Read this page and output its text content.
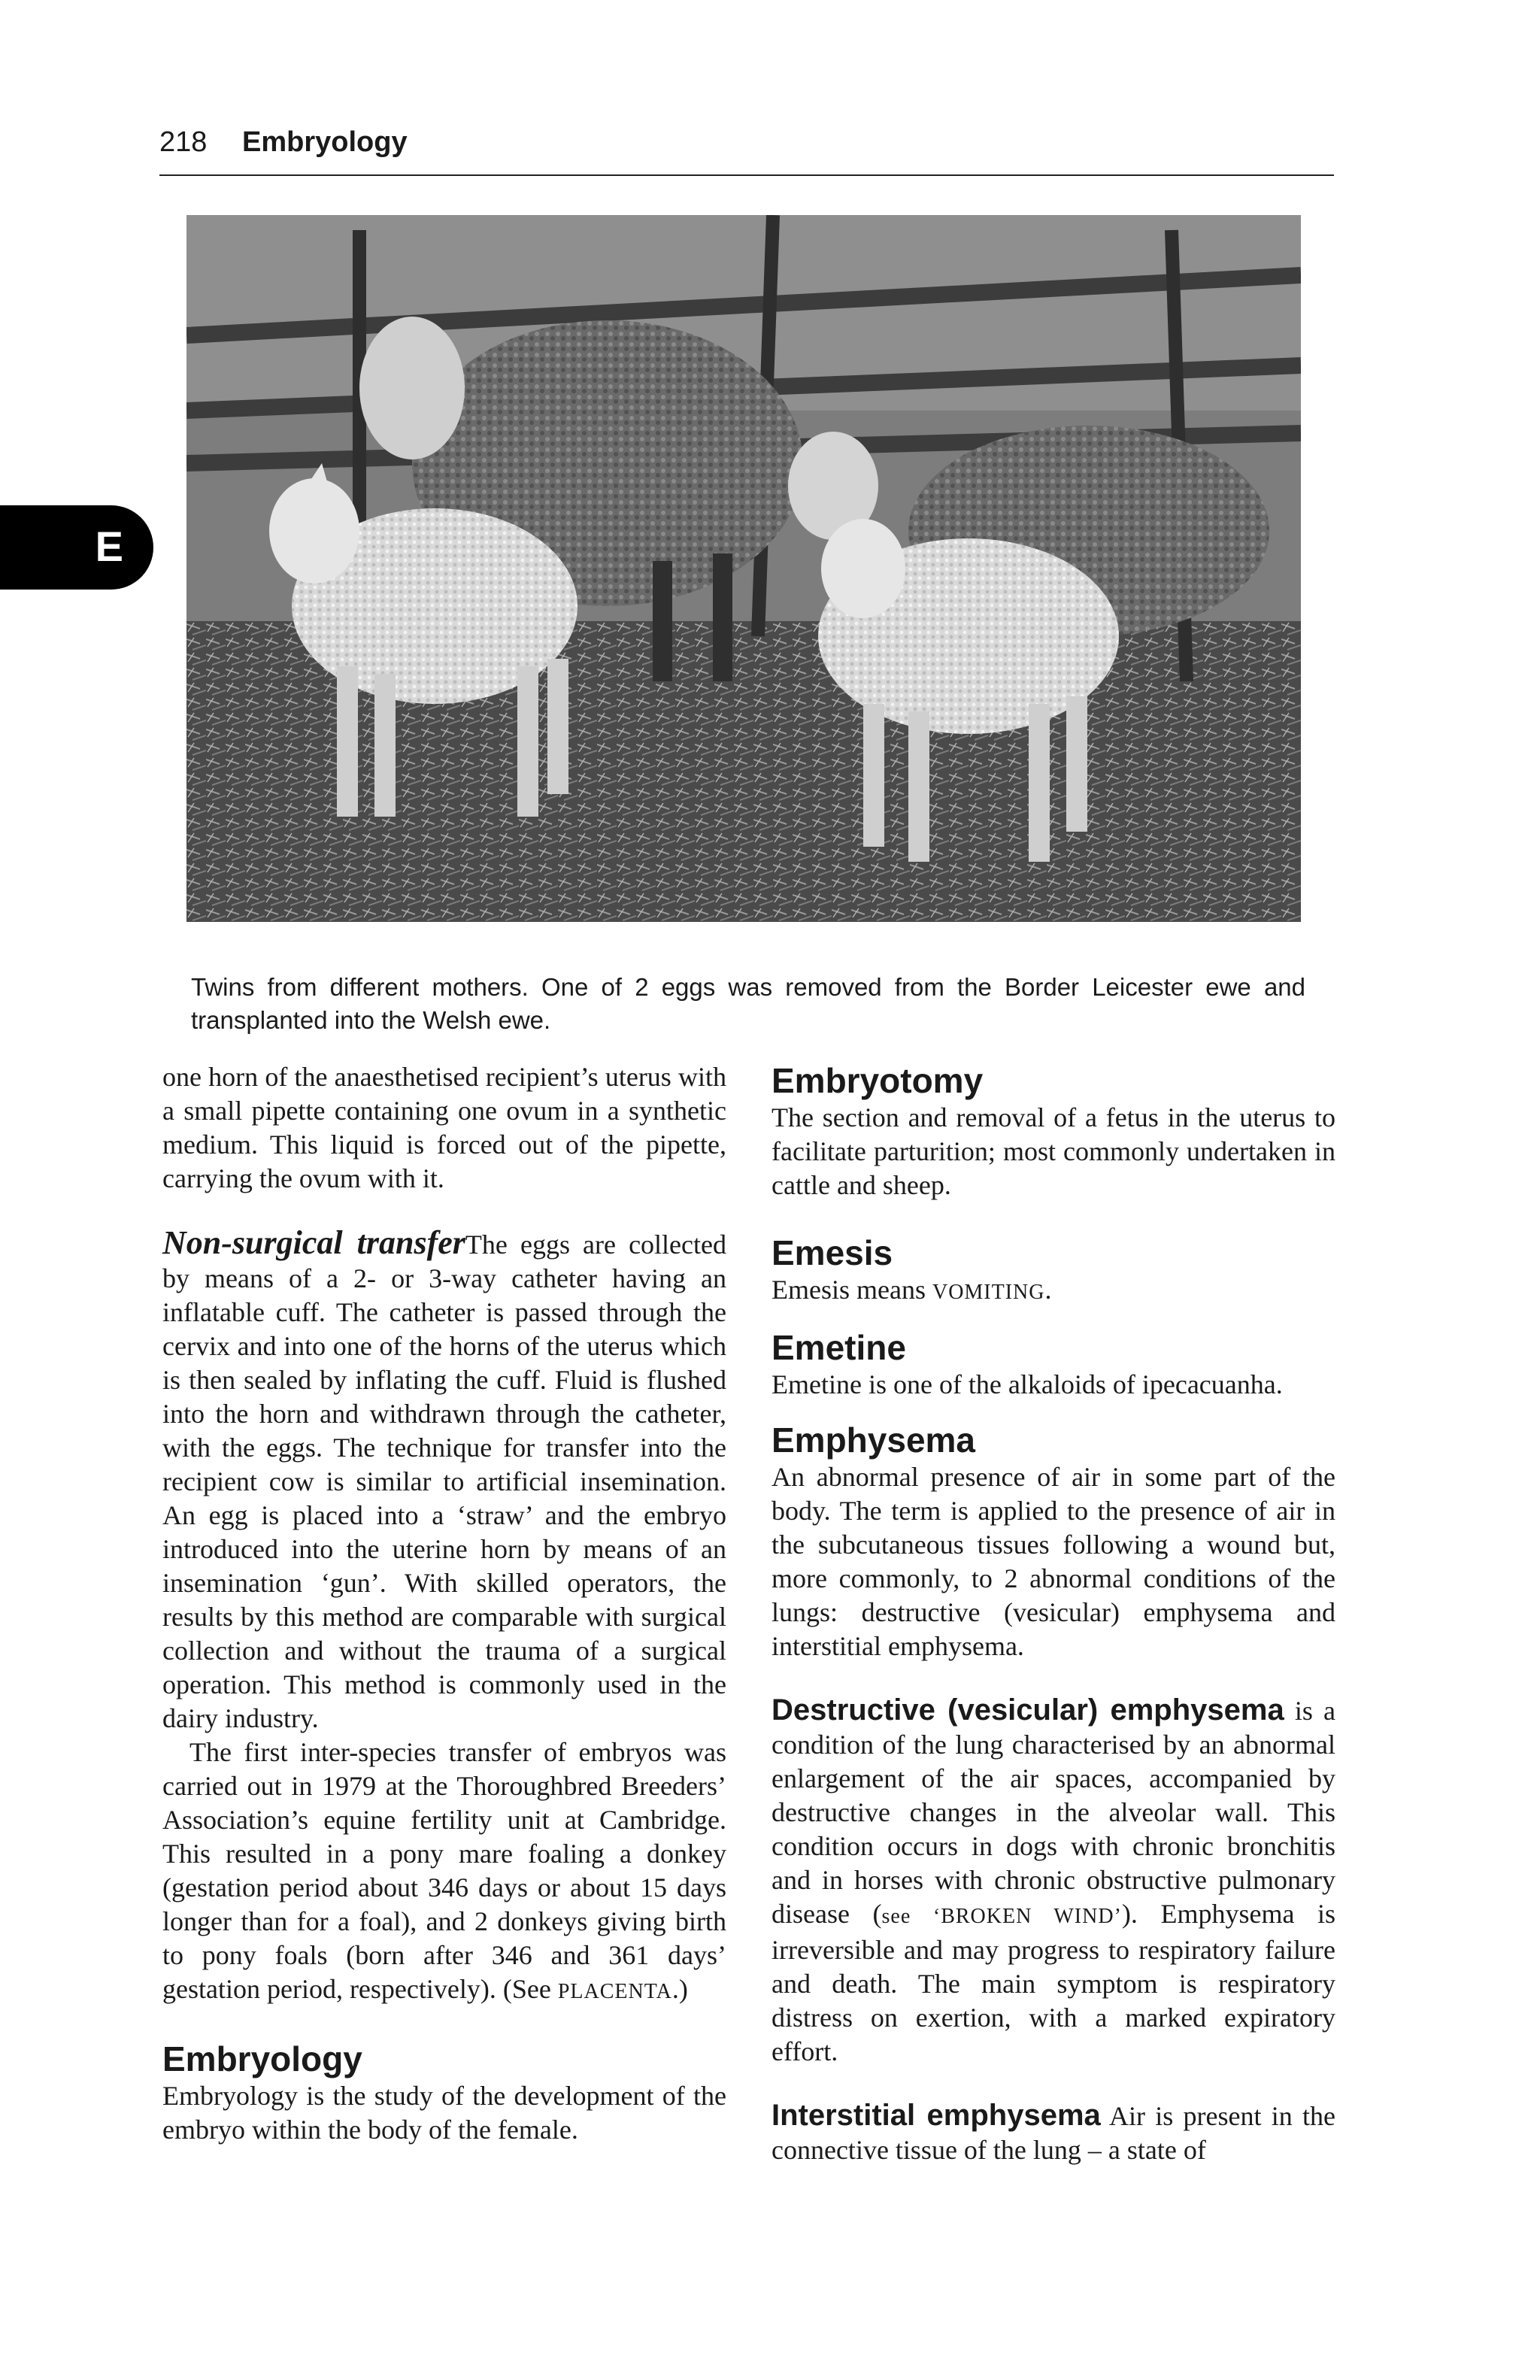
218 Embryology
E

Twins from different mothers. One of 2 eggs was removed from the Border Leicester ewe and transplanted into the Welsh ewe.

one horn of the anaesthetised recipient’s uterus with a small pipette containing one ovum in a synthetic medium. This liquid is forced out of the pipette, carrying the ovum with it.

Non-surgical transferThe eggs are collected by means of a 2- or 3-way catheter having an inflatable cuff. The catheter is passed through the cervix and into one of the horns of the uterus which is then sealed by inflating the cuff. Fluid is flushed into the horn and withdrawn through the catheter, with the eggs. The technique for transfer into the recipient cow is similar to artificial insemination. An egg is placed into a ‘straw’ and the embryo introduced into the uterine horn by means of an insemination ‘gun’. With skilled operators, the results by this method are comparable with surgical collection and without the trauma of a surgical operation. This method is commonly used in the dairy industry.

The first inter-species transfer of embryos was carried out in 1979 at the Thoroughbred Breeders’ Association’s equine fertility unit at Cambridge. This resulted in a pony mare foaling a donkey (gestation period about 346 days or about 15 days longer than for a foal), and 2 donkeys giving birth to pony foals (born after 346 and 361 days’ gestation period, respectively). (See PLACENTA.)

Embryology

Embryology is the study of the development of the embryo within the body of the female.

Embryotomy

The section and removal of a fetus in the uterus to facilitate parturition; most commonly undertaken in cattle and sheep.

Emesis

Emesis means VOMITING.

Emetine

Emetine is one of the alkaloids of ipecacuanha.

Emphysema

An abnormal presence of air in some part of the body. The term is applied to the presence of air in the subcutaneous tissues following a wound but, more commonly, to 2 abnormal conditions of the lungs: destructive (vesicular) emphysema and interstitial emphysema.

Destructive (vesicular) emphysema is a condition of the lung characterised by an abnormal enlargement of the air spaces, accompanied by destructive changes in the alveolar wall. This condition occurs in dogs with chronic bronchitis and in horses with chronic obstructive pulmonary disease (see ‘BROKEN WIND’). Emphysema is irreversible and may progress to respiratory failure and death. The main symptom is respiratory distress on exertion, with a marked expiratory effort.

Interstitial emphysema Air is present in the connective tissue of the lung – a state of
